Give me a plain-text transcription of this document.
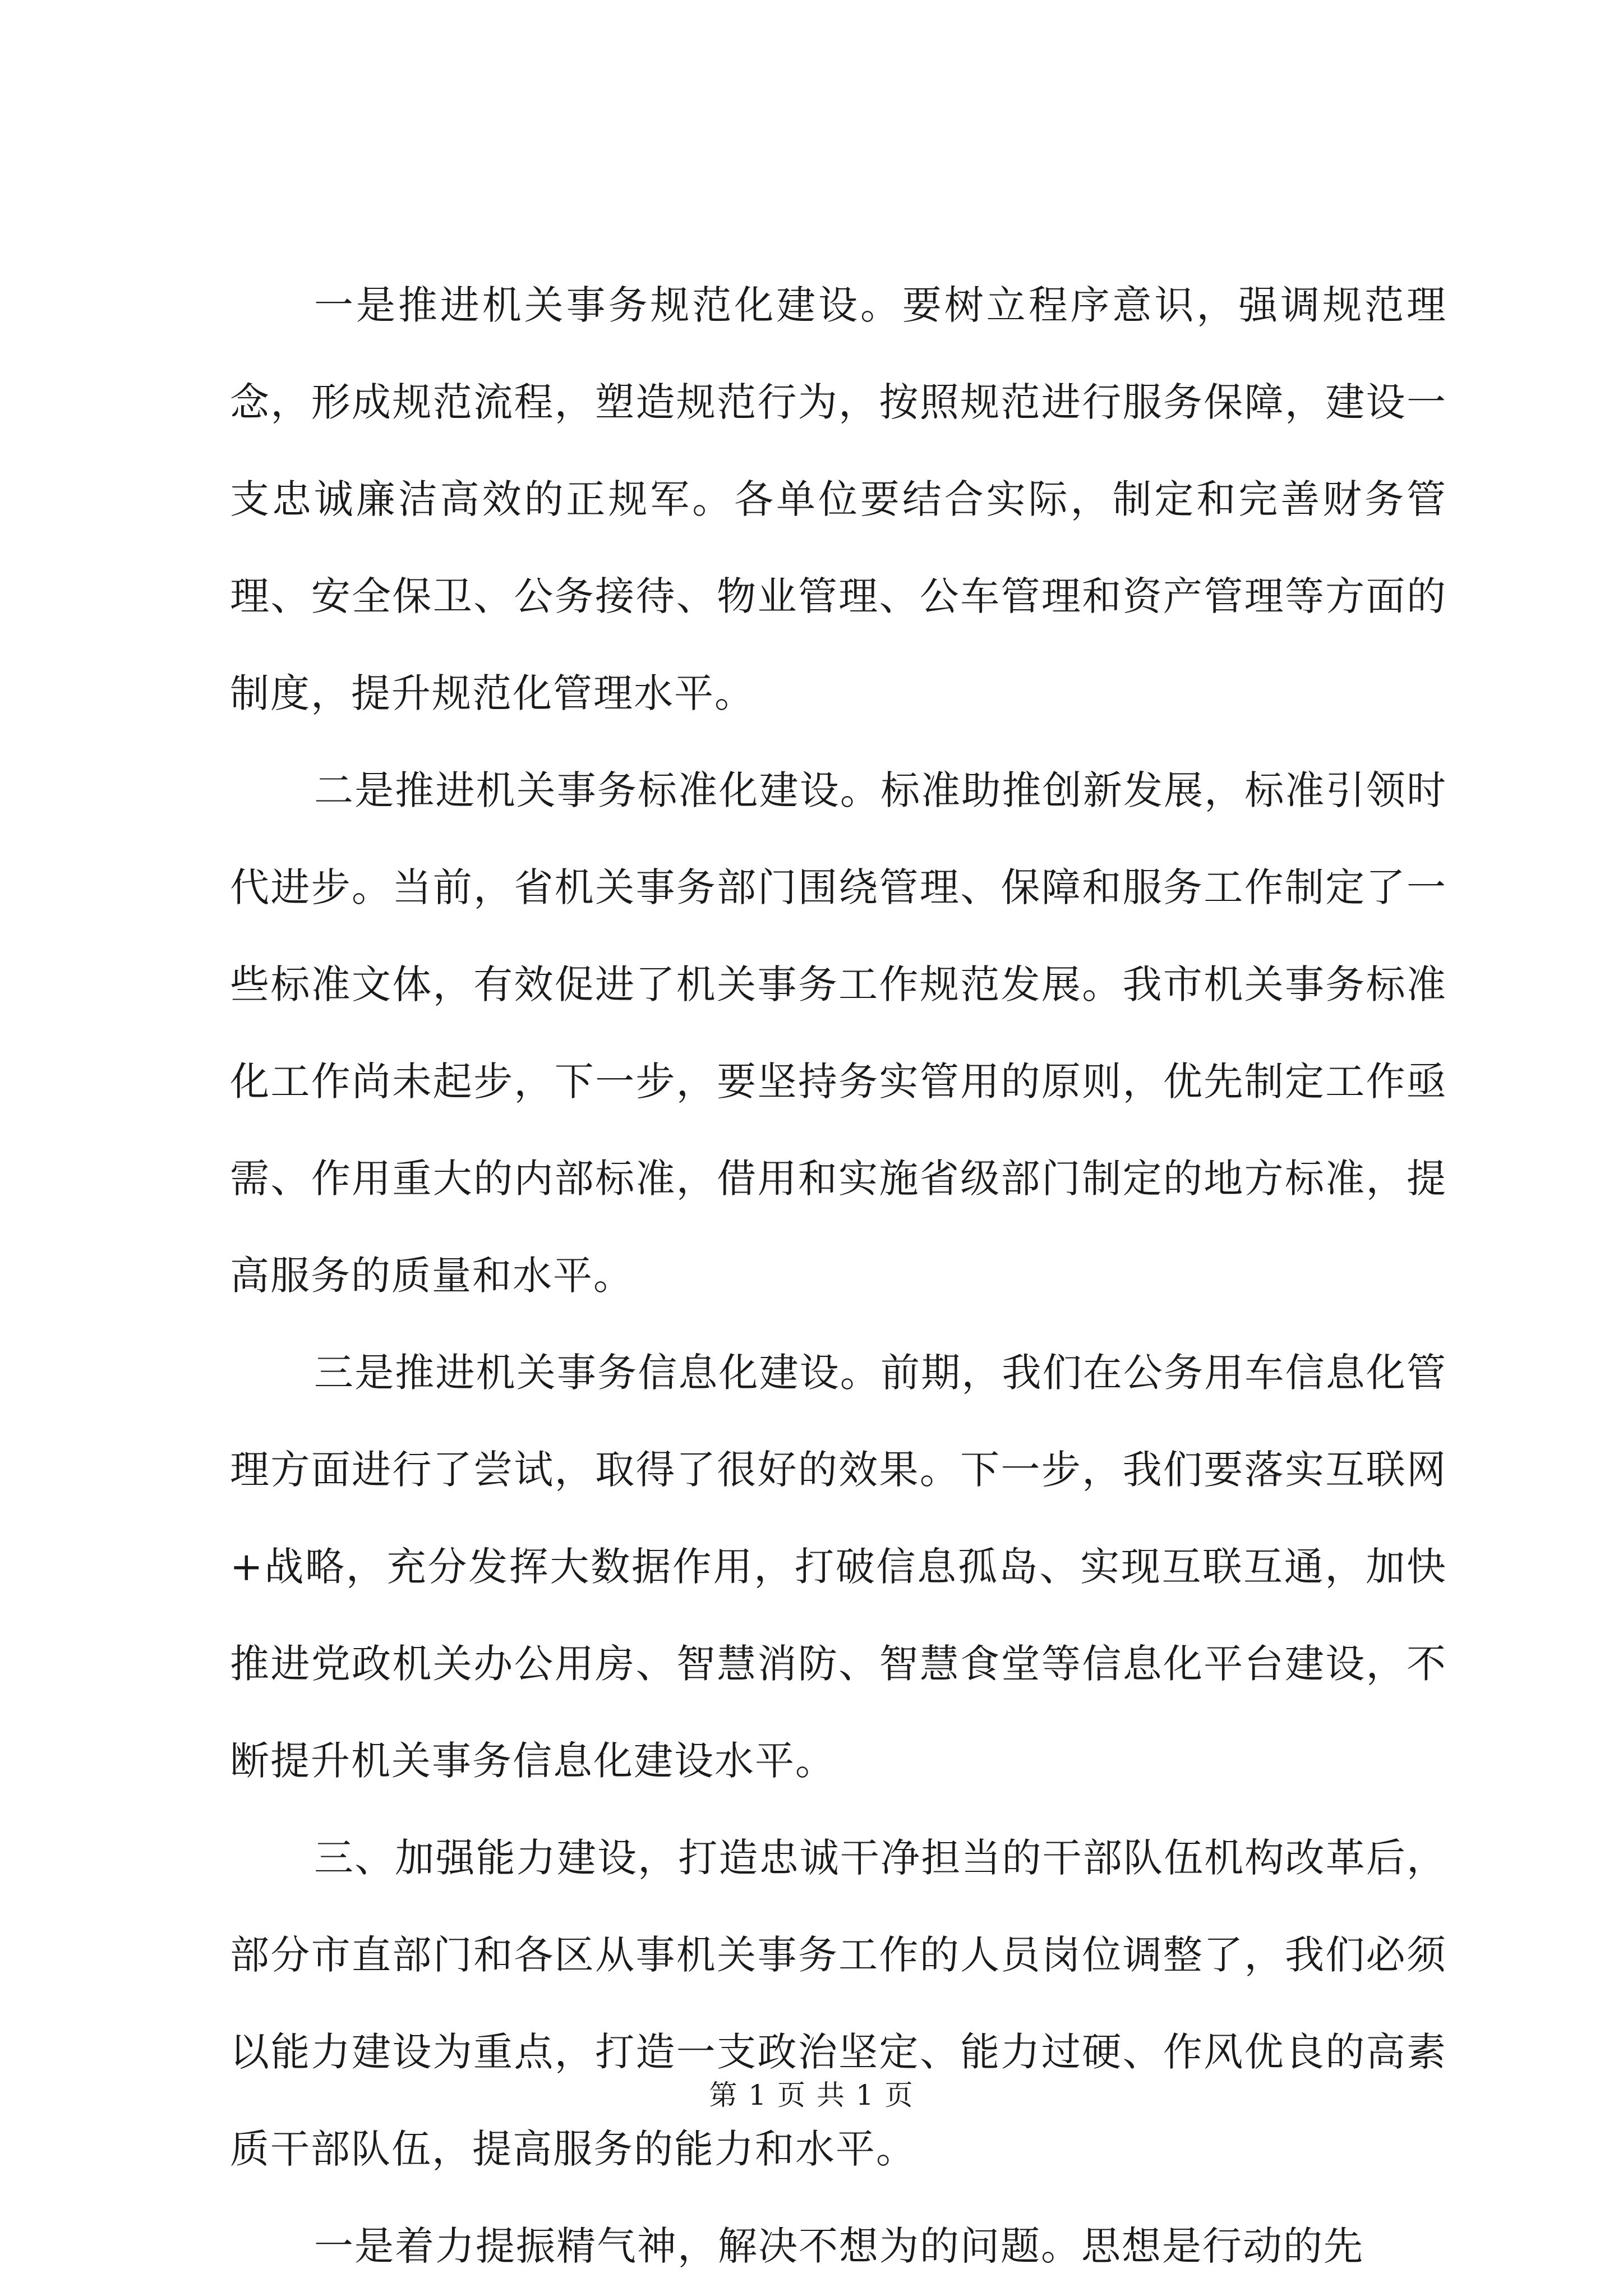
一是推进机关事务规范化建设。要树立程序意识，强调规范理念，形成规范流程，塑造规范行为，按照规范进行服务保障，建设一支忠诚廉洁高效的正规军。各单位要结合实际，制定和完善财务管理、安全保卫、公务接待、物业管理、公车管理和资产管理等方面的制度，提升规范化管理水平。

二是推进机关事务标准化建设。标准助推创新发展，标准引领时代进步。当前，省机关事务部门围绕管理、保障和服务工作制定了一些标准文体，有效促进了机关事务工作规范发展。我市机关事务标准化工作尚未起步，下一步，要坚持务实管用的原则，优先制定工作亟需、作用重大的内部标准，借用和实施省级部门制定的地方标准，提高服务的质量和水平。

三是推进机关事务信息化建设。前期，我们在公务用车信息化管理方面进行了尝试，取得了很好的效果。下一步，我们要落实互联网+战略，充分发挥大数据作用，打破信息孤岛、实现互联互通，加快推进党政机关办公用房、智慧消防、智慧食堂等信息化平台建设，不断提升机关事务信息化建设水平。

三、加强能力建设，打造忠诚干净担当的干部队伍机构改革后，部分市直部门和各区从事机关事务工作的人员岗位调整了，我们必须以能力建设为重点，打造一支政治坚定、能力过硬、作风优良的高素质干部队伍，提高服务的能力和水平。

一是着力提振精气神，解决不想为的问题。思想是行动的先

第 1 页 共 1 页
